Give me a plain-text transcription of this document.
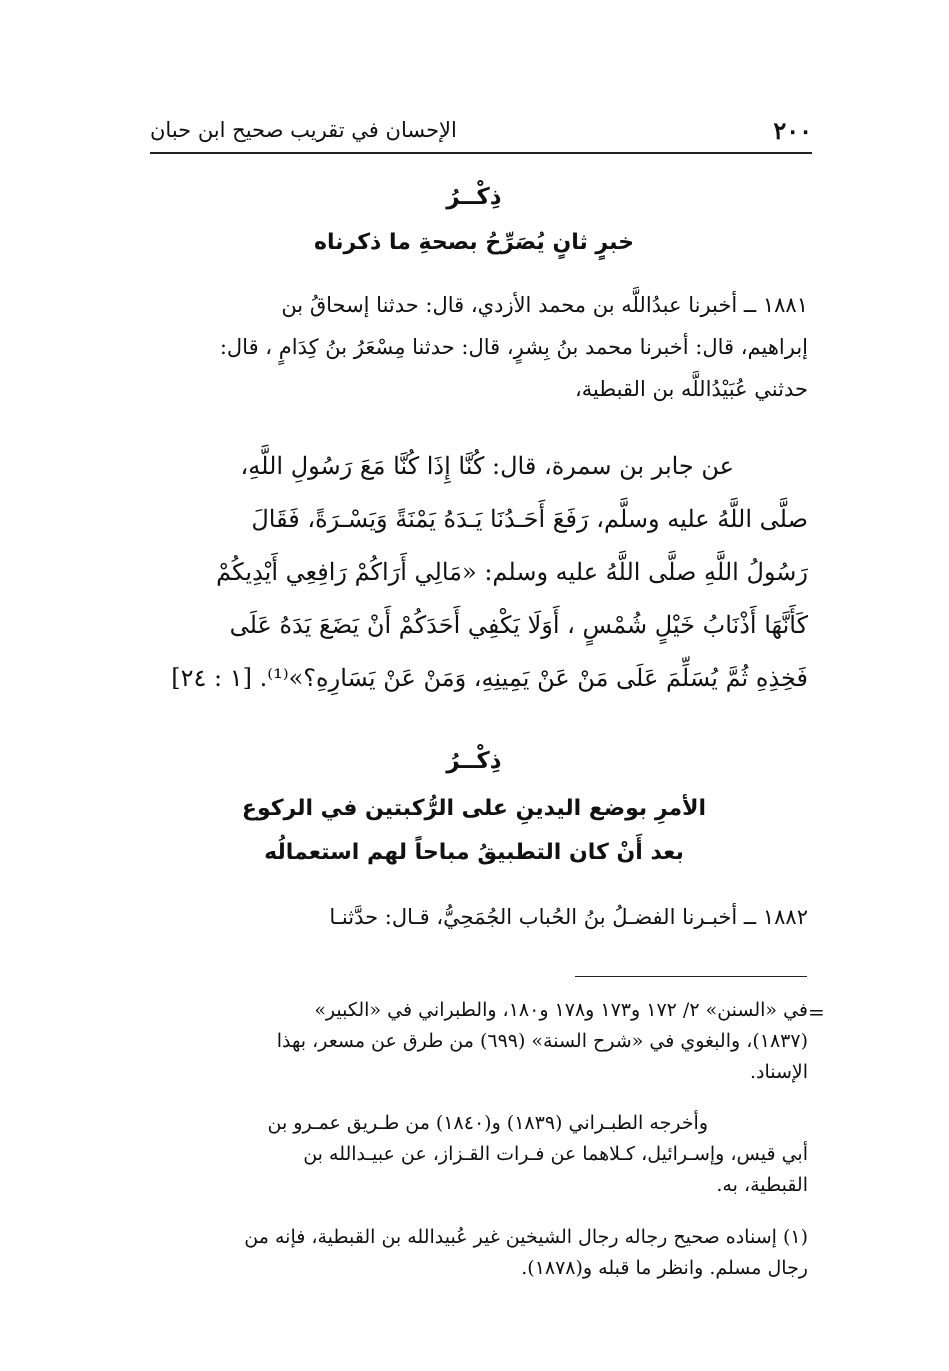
٢٠٠
الإحسان في تقريب صحيح ابن حبان
ذِكْــرُ
خبرٍ ثانٍ يُصَرِّحُ بصحةِ ما ذكرناه
١٨٨١ ــ أخبرنا عبدُاللَّه بن محمد الأزدي، قال: حدثنا إسحاقُ بن
إبراهيم، قال: أخبرنا محمد بنُ بِشرٍ، قال: حدثنا مِسْعَرُ بنُ كِدَامٍ ، قال:
حدثني عُبَيْدُاللَّه بن القبطية،
عن جابر بن سمرة، قال: كُنَّا إِذَا كُنَّا مَعَ رَسُولِ اللَّهِ،
صلَّى اللَّهُ عليه وسلَّم، رَفَعَ أَحَـدُنَا يَـدَهُ يَمْنَةً وَيَسْـرَةً، فَقَالَ
رَسُولُ اللَّهِ صلَّى اللَّهُ عليه وسلم: «مَالِي أَرَاكُمْ رَافِعِي أَيْدِيكُمْ
كَأَنَّهَا أَذْنَابُ خَيْلٍ شُمْسٍ ، أَوَلَا يَكْفِي أَحَدَكُمْ أَنْ يَضَعَ يَدَهُ عَلَى
فَخِذِهِ ثُمَّ يُسَلِّمَ عَلَى مَنْ عَنْ يَمِينِهِ، وَمَنْ عَنْ يَسَارِهِ؟»⁽¹⁾. [١ : ٢٤]
ذِكْــرُ
الأمرِ بوضع اليدينِ على الرُّكبتين في الركوع
بعد أَنْ كان التطبيقُ مباحاً لهم استعمالُه
١٨٨٢ ــ أخبـرنا الفضـلُ بنُ الحُباب الجُمَحِيُّ، قـال: حدَّثنـا
=
في «السنن» ٢/ ١٧٢ و١٧٣ و١٧٨ و١٨٠، والطبراني في «الكبير»
(١٨٣٧)، والبغوي في «شرح السنة» (٦٩٩) من طرق عن مسعر، بهذا
الإسناد.
وأخرجه الطبـراني (١٨٣٩) و(١٨٤٠) من طـريق عمـرو بن
أبي قيس، وإسـرائيل، كـلاهما عن فـرات القـزاز، عن عبيـدالله بن
القبطية، به.
(١) إسناده صحيح رجاله رجال الشيخين غير عُبيدالله بن القبطية، فإنه من
رجال مسلم. وانظر ما قبله و(١٨٧٨).
